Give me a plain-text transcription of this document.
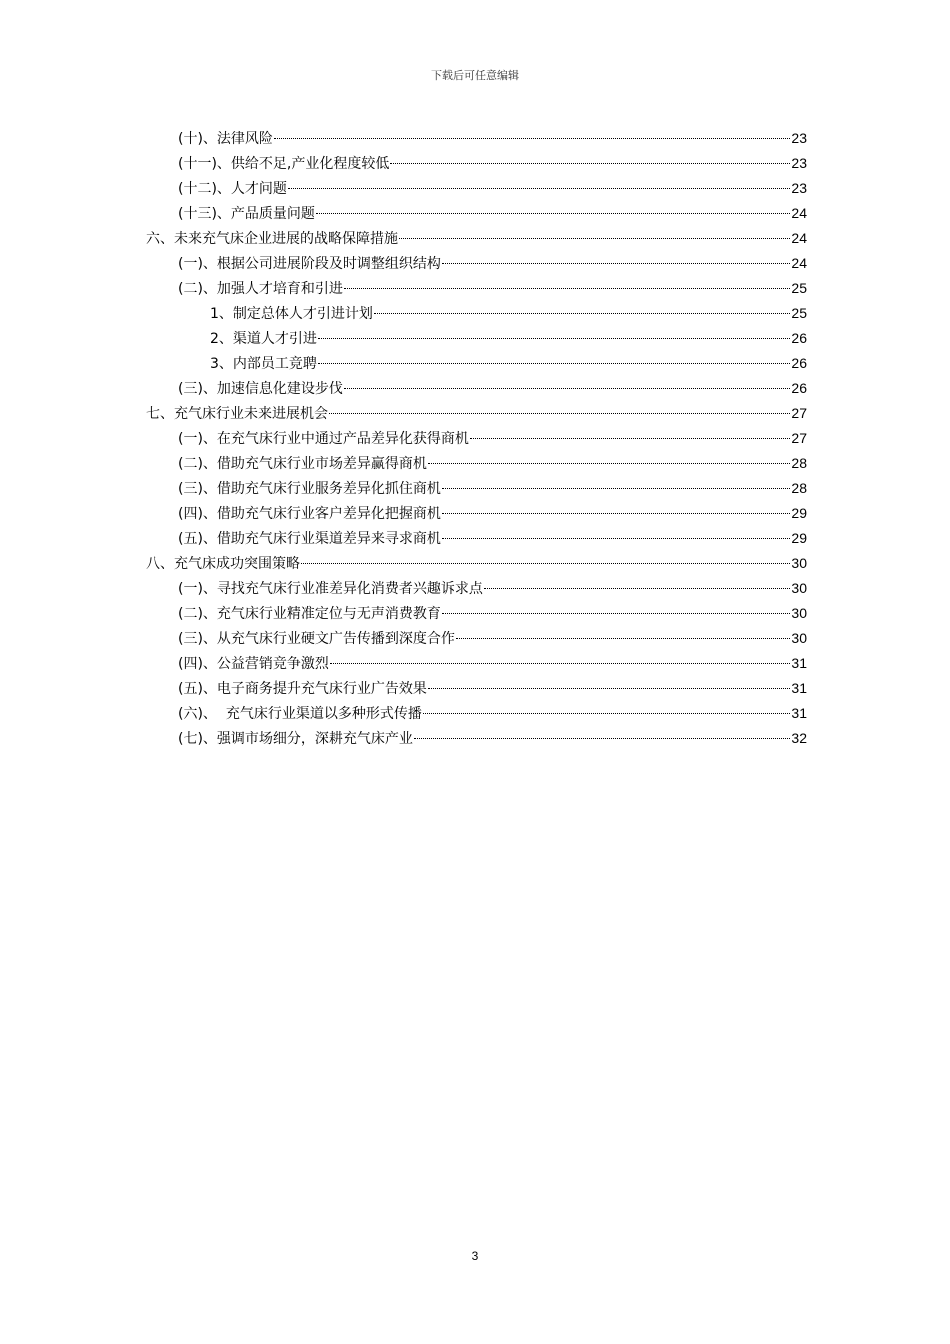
下载后可任意编辑
(十)、法律风险	23
(十一)、供给不足,产业化程度较低	23
(十二)、人才问题	23
(十三)、产品质量问题	24
六、未来充气床企业进展的战略保障措施	24
(一)、根据公司进展阶段及时调整组织结构	24
(二)、加强人才培育和引进	25
1、制定总体人才引进计划	25
2、渠道人才引进	26
3、内部员工竞聘	26
(三)、加速信息化建设步伐	26
七、充气床行业未来进展机会	27
(一)、在充气床行业中通过产品差异化获得商机	27
(二)、借助充气床行业市场差异赢得商机	28
(三)、借助充气床行业服务差异化抓住商机	28
(四)、借助充气床行业客户差异化把握商机	29
(五)、借助充气床行业渠道差异来寻求商机	29
八、充气床成功突围策略	30
(一)、寻找充气床行业准差异化消费者兴趣诉求点	30
(二)、充气床行业精准定位与无声消费教育	30
(三)、从充气床行业硬文广告传播到深度合作	30
(四)、公益营销竞争激烈	31
(五)、电子商务提升充气床行业广告效果	31
(六)、  充气床行业渠道以多种形式传播	31
(七)、强调市场细分，深耕充气床产业	32
3
